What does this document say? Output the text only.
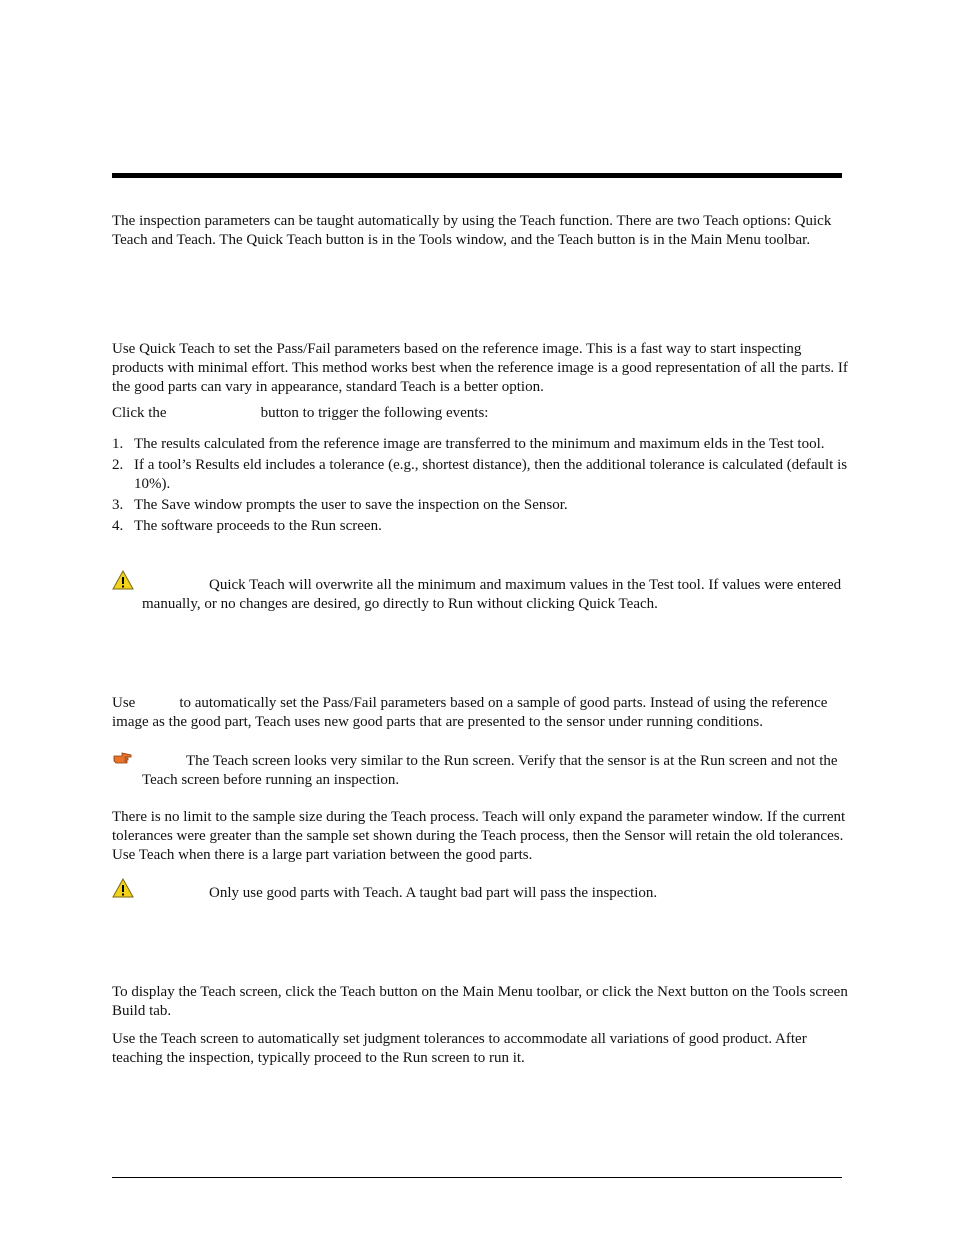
The inspection parameters can be taught automatically by using the Teach function. There are two Teach options: Quick Teach and Teach. The Quick Teach button is in the Tools window, and the Teach button is in the Main Menu toolbar.

Use Quick Teach to set the Pass/Fail parameters based on the reference image. This is a fast way to start inspecting products with minimal effort. This method works best when the reference image is a good representation of all the parts. If the good parts can vary in appearance, standard Teach is a better option.

Click the	button to trigger the following events:

1. The results calculated from the reference image are transferred to the minimum and maximum elds in the Test tool.
2. If a tool’s Results eld includes a tolerance (e.g., shortest distance), then the additional tolerance is calculated (default is 10%).
3. The Save window prompts the user to save the inspection on the Sensor.
4. The software proceeds to the Run screen.

Quick Teach will overwrite all the minimum and maximum values in the Test tool. If values were entered manually, or no changes are desired, go directly to Run without clicking Quick Teach.

Use	to automatically set the Pass/Fail parameters based on a sample of good parts. Instead of using the reference image as the good part, Teach uses new good parts that are presented to the sensor under running conditions.

The Teach screen looks very similar to the Run screen. Verify that the sensor is at the Run screen and not the Teach screen before running an inspection.

There is no limit to the sample size during the Teach process. Teach will only expand the parameter window. If the current tolerances were greater than the sample set shown during the Teach process, then the Sensor will retain the old tolerances. Use Teach when there is a large part variation between the good parts.

Only use good parts with Teach. A taught bad part will pass the inspection.

To display the Teach screen, click the Teach button on the Main Menu toolbar, or click the Next button on the Tools screen Build tab.

Use the Teach screen to automatically set judgment tolerances to accommodate all variations of good product. After teaching the inspection, typically proceed to the Run screen to run it.
